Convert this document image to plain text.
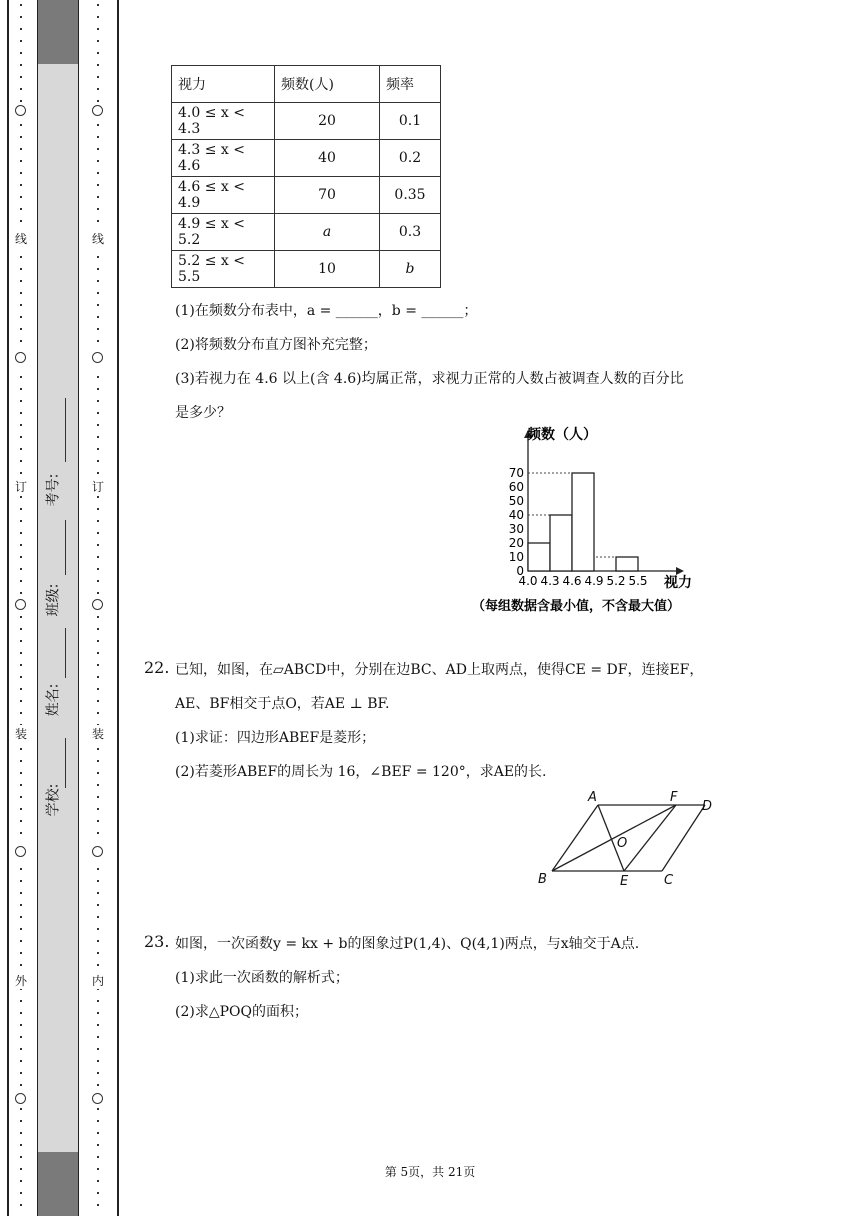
线
订
装
外
线
订
装
内
学校:
姓名:
班级:
考号:
视力	频数(人)	频率
4.0 ≤ x < 4.3	20	0.1
4.3 ≤ x < 4.6	40	0.2
4.6 ≤ x < 4.9	70	0.35
4.9 ≤ x < 5.2	a	0.3
5.2 ≤ x < 5.5	10	b
(1)在频数分布表中，a = ______，b = ______；
(2)将频数分布直方图补充完整；
(3)若视力在 4.6 以上(含 4.6)均属正常，求视力正常的人数占被调查人数的百分比
是多少？
0
10
20
30
40
50
60
70
4.0 4.3 4.6 4.9 5.2 5.5
频数（人）
视力
（每组数据含最小值，不含最大值）
22. 已知，如图，在▱ABCD中，分别在边BC、AD上取两点，使得CE = DF，连接EF，
AE、BF相交于点O，若AE ⊥ BF.
(1)求证：四边形ABEF是菱形；
(2)若菱形ABEF的周长为 16，∠BEF = 120°，求AE的长.
A	F
D
B	E	C
O
23. 如图，一次函数y = kx + b的图象过P(1,4)、Q(4,1)两点，与x轴交于A点.
(1)求此一次函数的解析式；
(2)求△POQ的面积；
第 5页，共 21页
